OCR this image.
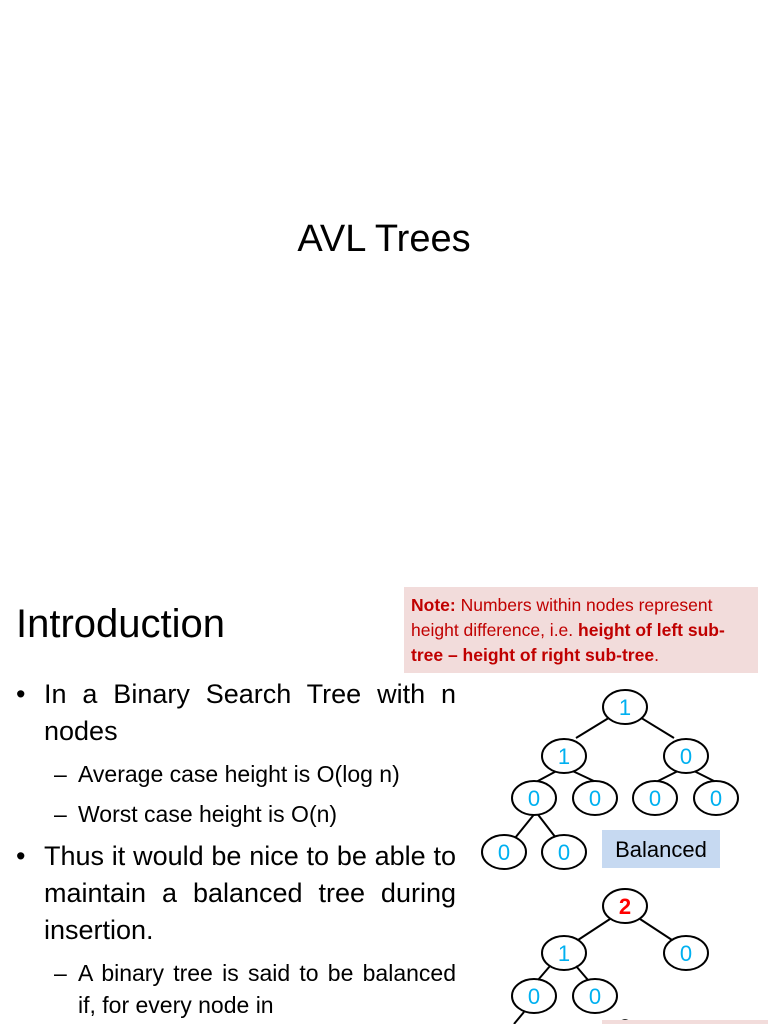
AVL Trees
Introduction	Note: Numbers within nodes represent height difference, i.e. height of left sub-tree – height of right sub-tree.
• In a Binary Search Tree with n nodes
– Average case height is O(log n)
– Worst case height is O(n)
• Thus it would be nice to be able to maintain a balanced tree during insertion.
– A binary tree is said to be balanced if, for every node in
1
1	0
0 0 0 0
0 0 Balanced
2
1	0
0 0
